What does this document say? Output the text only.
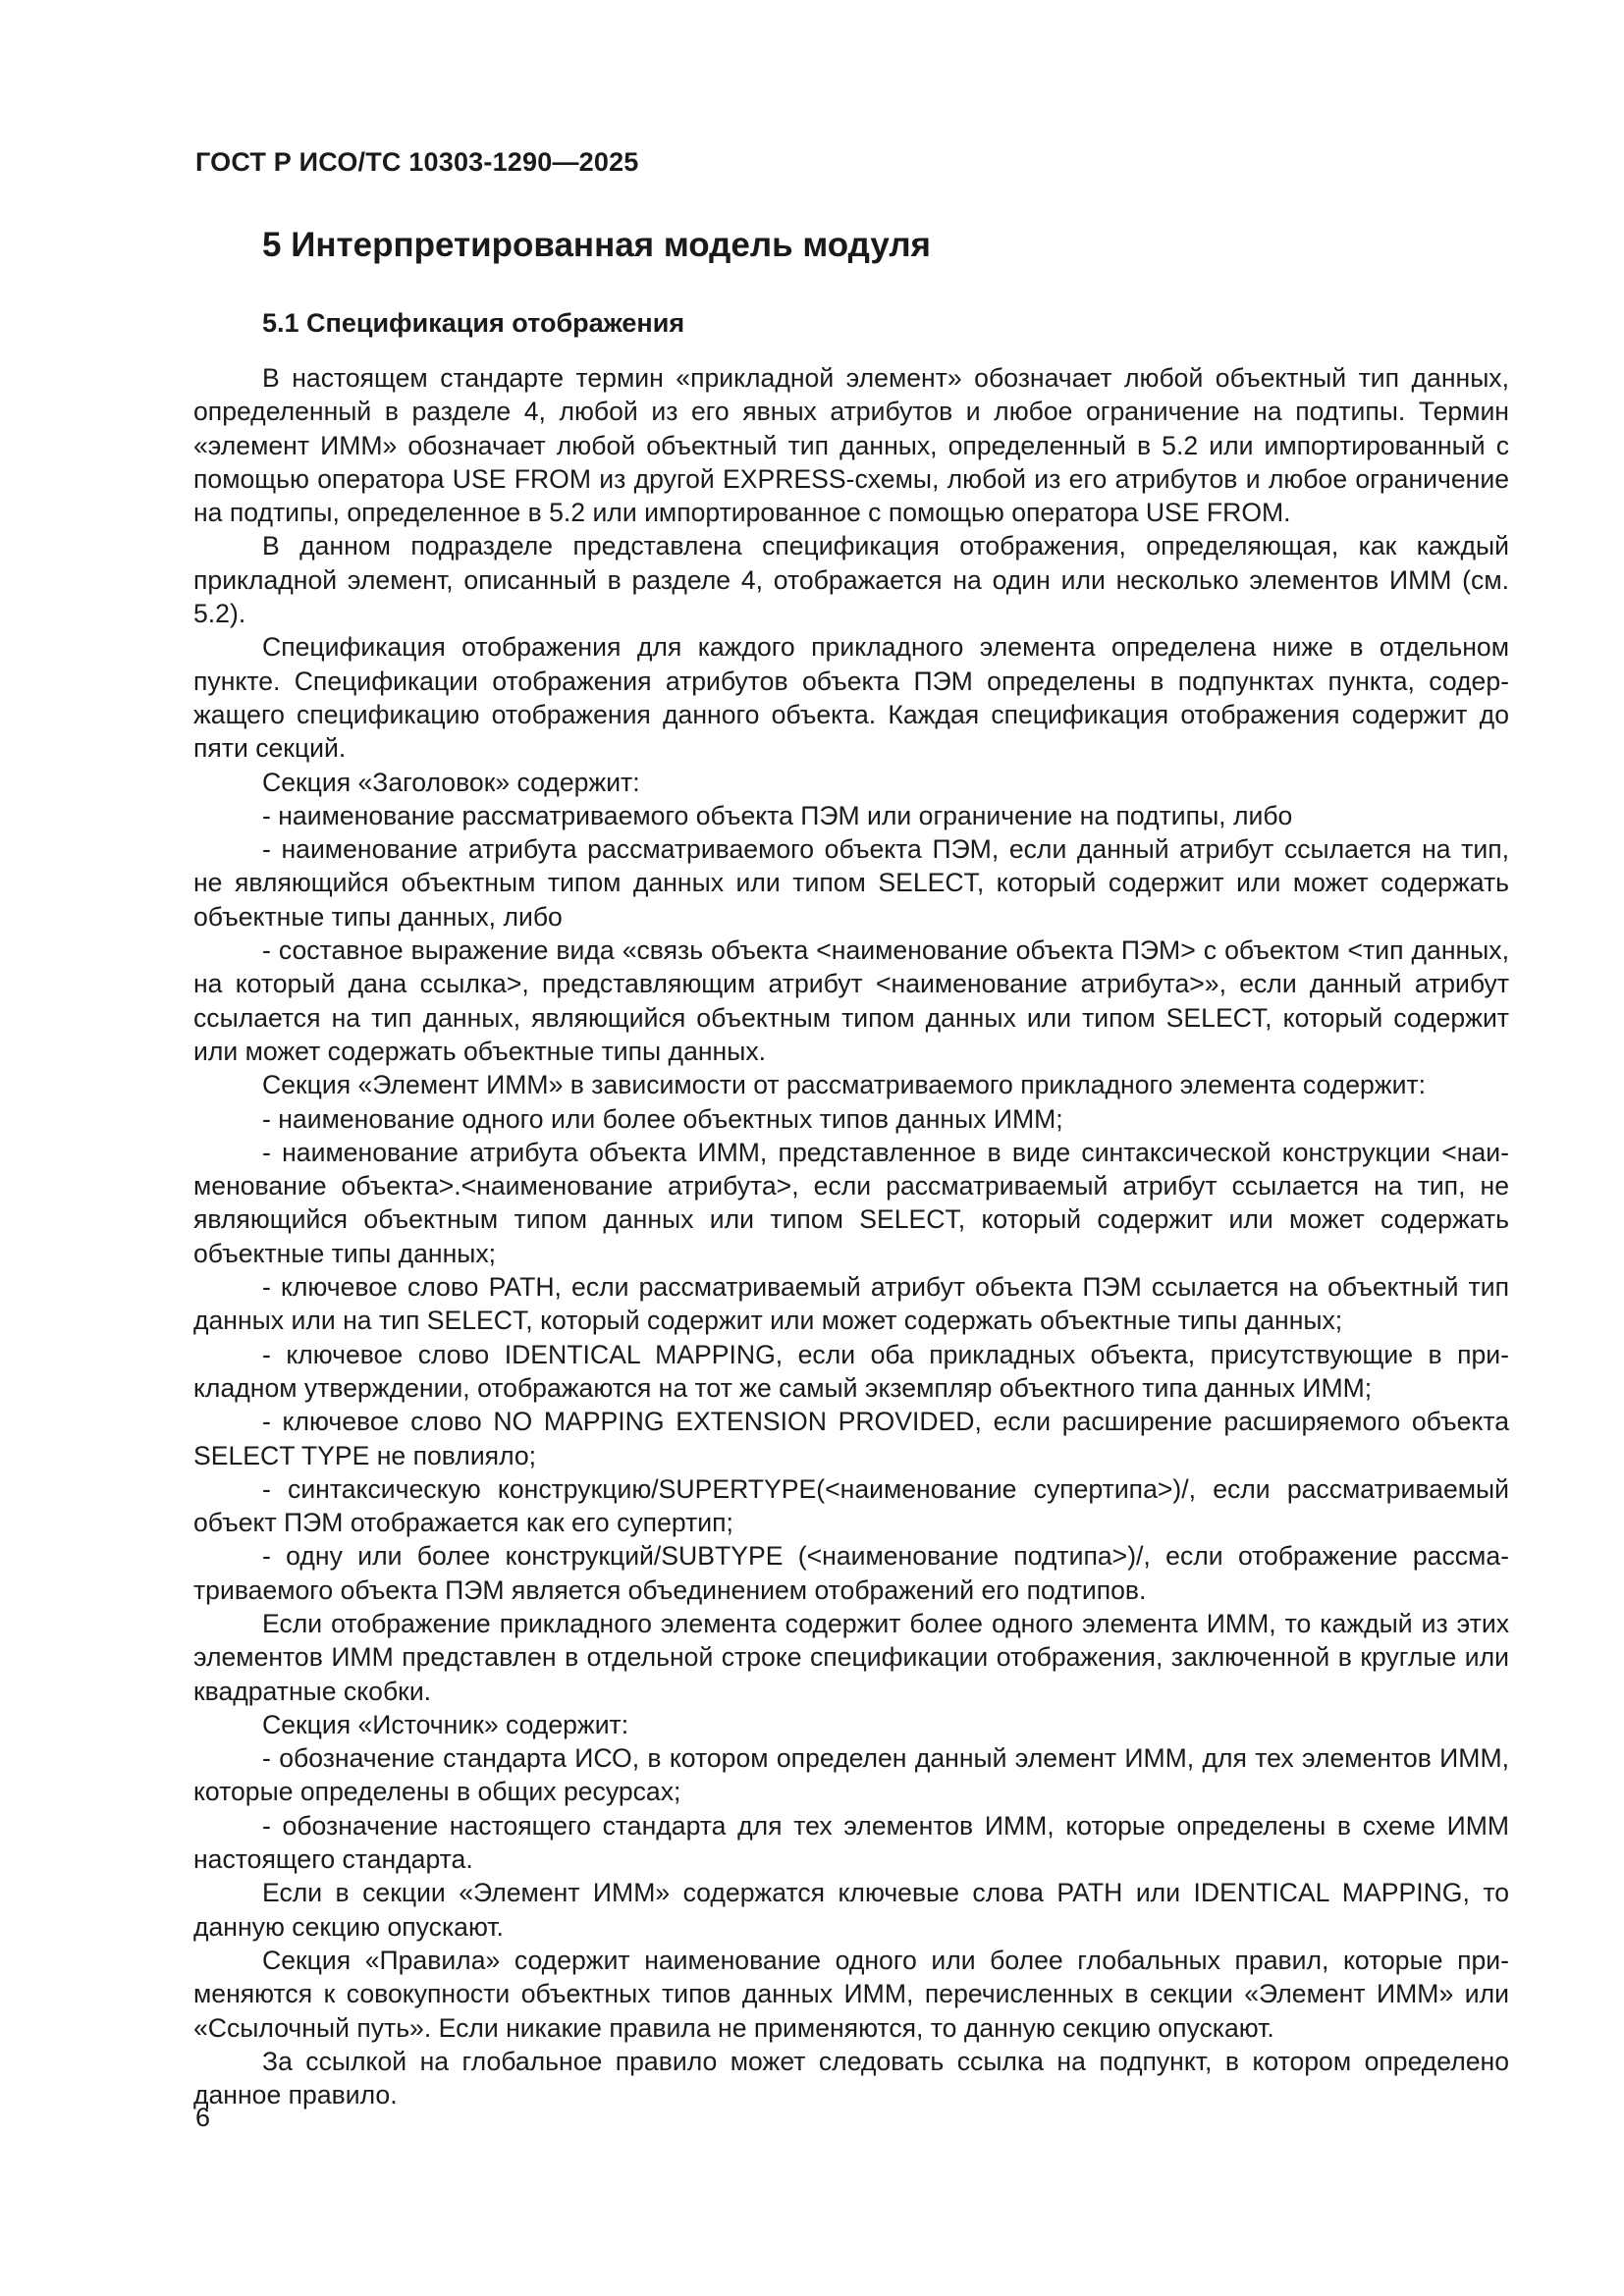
ГОСТ Р ИСО/ТС 10303-1290—2025
5 Интерпретированная модель модуля
5.1 Спецификация отображения

В настоящем стандарте термин «прикладной элемент» обозначает любой объектный тип данных, определенный в разделе 4, любой из его явных атрибутов и любое ограничение на подтипы. Термин «элемент ИММ» обозначает любой объектный тип данных, определенный в 5.2 или импортированный с помощью оператора USE FROM из другой EXPRESS-схемы, любой из его атрибутов и любое ограничение на подтипы, определенное в 5.2 или импортированное с помощью оператора USE FROM.

В данном подразделе представлена спецификация отображения, определяющая, как каждый прикладной элемент, описанный в разделе 4, отображается на один или несколько элементов ИММ (см. 5.2).

Спецификация отображения для каждого прикладного элемента определена ниже в отдельном пункте. Спецификации отображения атрибутов объекта ПЭМ определены в подпунктах пункта, содержащего спецификацию отображения данного объекта. Каждая спецификация отображения содержит до пяти секций.

Секция «Заголовок» содержит:

- наименование рассматриваемого объекта ПЭМ или ограничение на подтипы, либо

- наименование атрибута рассматриваемого объекта ПЭМ, если данный атрибут ссылается на тип, не являющийся объектным типом данных или типом SELECT, который содержит или может содержать объектные типы данных, либо

- составное выражение вида «связь объекта <наименование объекта ПЭМ> с объектом <тип данных, на который дана ссылка>, представляющим атрибут <наименование атрибута>», если данный атрибут ссылается на тип данных, являющийся объектным типом данных или типом SELECT, который содержит или может содержать объектные типы данных.

Секция «Элемент ИММ» в зависимости от рассматриваемого прикладного элемента содержит:

- наименование одного или более объектных типов данных ИММ;

- наименование атрибута объекта ИММ, представленное в виде синтаксической конструкции <наименование объекта>.<наименование атрибута>, если рассматриваемый атрибут ссылается на тип, не являющийся объектным типом данных или типом SELECT, который содержит или может содержать объектные типы данных;

- ключевое слово PATH, если рассматриваемый атрибут объекта ПЭМ ссылается на объектный тип данных или на тип SELECT, который содержит или может содержать объектные типы данных;

- ключевое слово IDENTICAL MAPPING, если оба прикладных объекта, присутствующие в прикладном утверждении, отображаются на тот же самый экземпляр объектного типа данных ИММ;

- ключевое слово NO MAPPING EXTENSION PROVIDED, если расширение расширяемого объекта SELECT TYPE не повлияло;

- синтаксическую конструкцию/SUPERTYPE(<наименование супертипа>)/, если рассматриваемый объект ПЭМ отображается как его супертип;

- одну или более конструкций/SUBTYPE (<наименование подтипа>)/, если отображение рассматриваемого объекта ПЭМ является объединением отображений его подтипов.

Если отображение прикладного элемента содержит более одного элемента ИММ, то каждый из этих элементов ИММ представлен в отдельной строке спецификации отображения, заключенной в круглые или квадратные скобки.

Секция «Источник» содержит:

- обозначение стандарта ИСО, в котором определен данный элемент ИММ, для тех элементов ИММ, которые определены в общих ресурсах;

- обозначение настоящего стандарта для тех элементов ИММ, которые определены в схеме ИММ настоящего стандарта.

Если в секции «Элемент ИММ» содержатся ключевые слова PATH или IDENTICAL MAPPING, то данную секцию опускают.

Секция «Правила» содержит наименование одного или более глобальных правил, которые применяются к совокупности объектных типов данных ИММ, перечисленных в секции «Элемент ИММ» или «Ссылочный путь». Если никакие правила не применяются, то данную секцию опускают.

За ссылкой на глобальное правило может следовать ссылка на подпункт, в котором определено данное правило.

6
